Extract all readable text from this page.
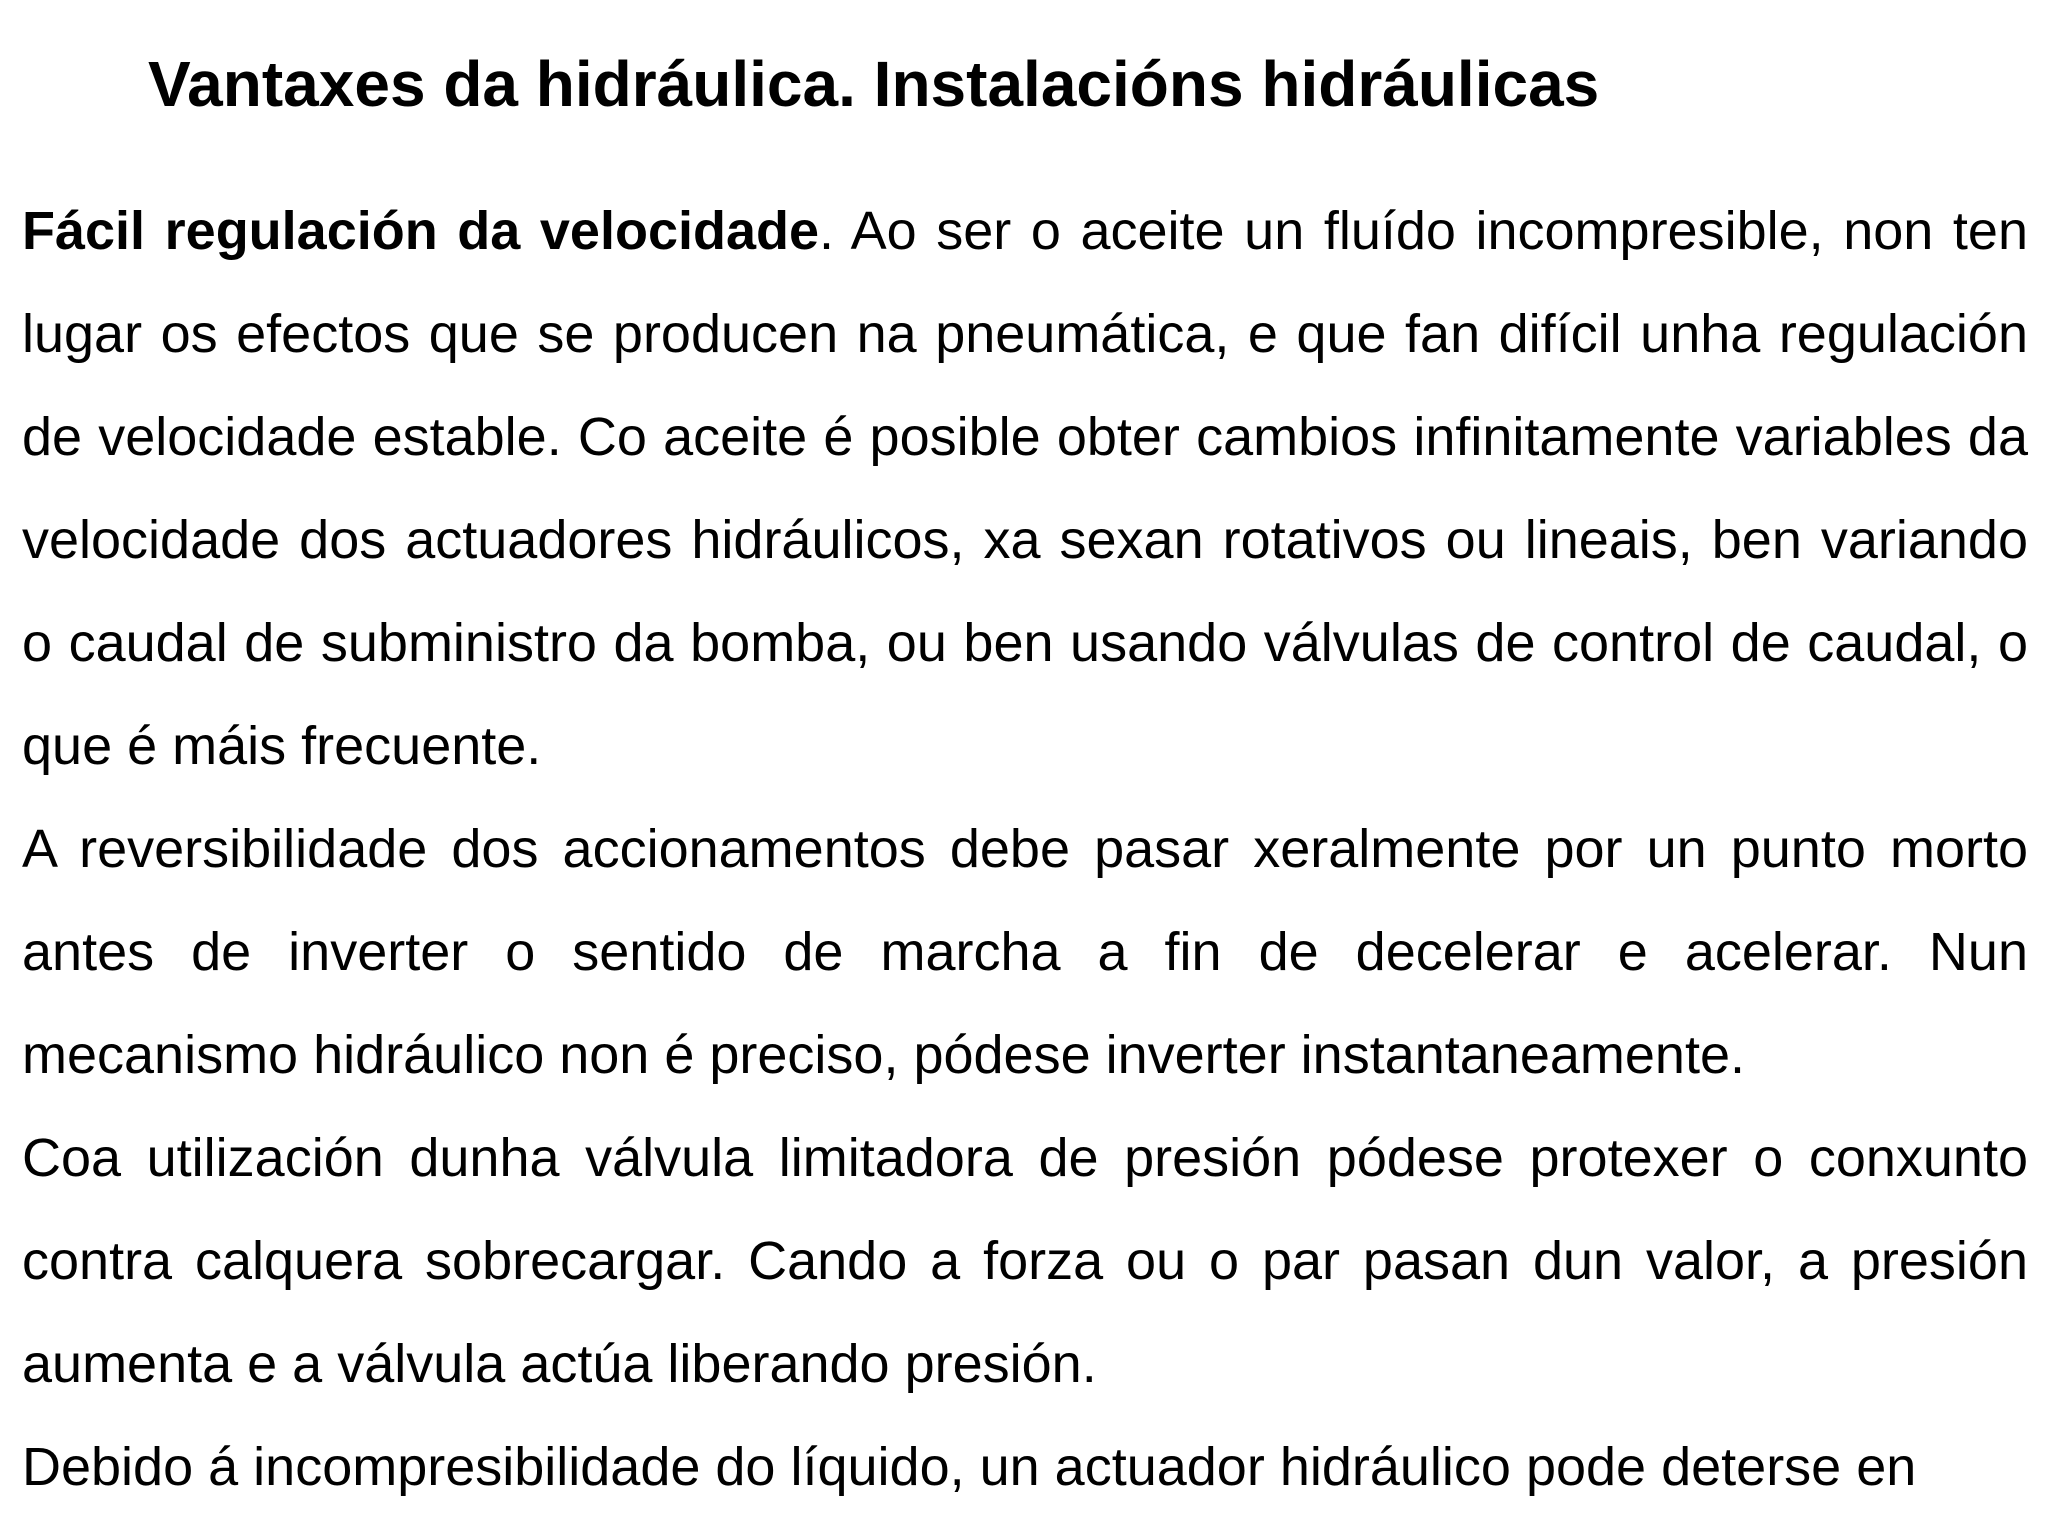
Vantaxes da hidráulica. Instalacións hidráulicas

Fácil regulación da velocidade. Ao ser o aceite un fluído incompresible, non ten lugar os efectos que se producen na pneumática, e que fan difícil unha regulación de velocidade estable. Co aceite é posible obter cambios infinitamente variables da velocidade dos actuadores hidráulicos, xa sexan rotativos ou lineais, ben variando o caudal de subministro da bomba, ou ben usando válvulas de control de caudal, o que é máis frecuente.

A reversibilidade dos accionamentos debe pasar xeralmente por un punto morto antes de inverter o sentido de marcha a fin de decelerar e acelerar. Nun mecanismo hidráulico non é preciso, pódese inverter instantaneamente.

Coa utilización dunha válvula limitadora de presión pódese protexer o conxunto contra calquera sobrecargar. Cando a forza ou o par pasan dun valor, a presión aumenta e a válvula actúa liberando presión.

Debido á incompresibilidade do líquido, un actuador hidráulico pode deterse en
